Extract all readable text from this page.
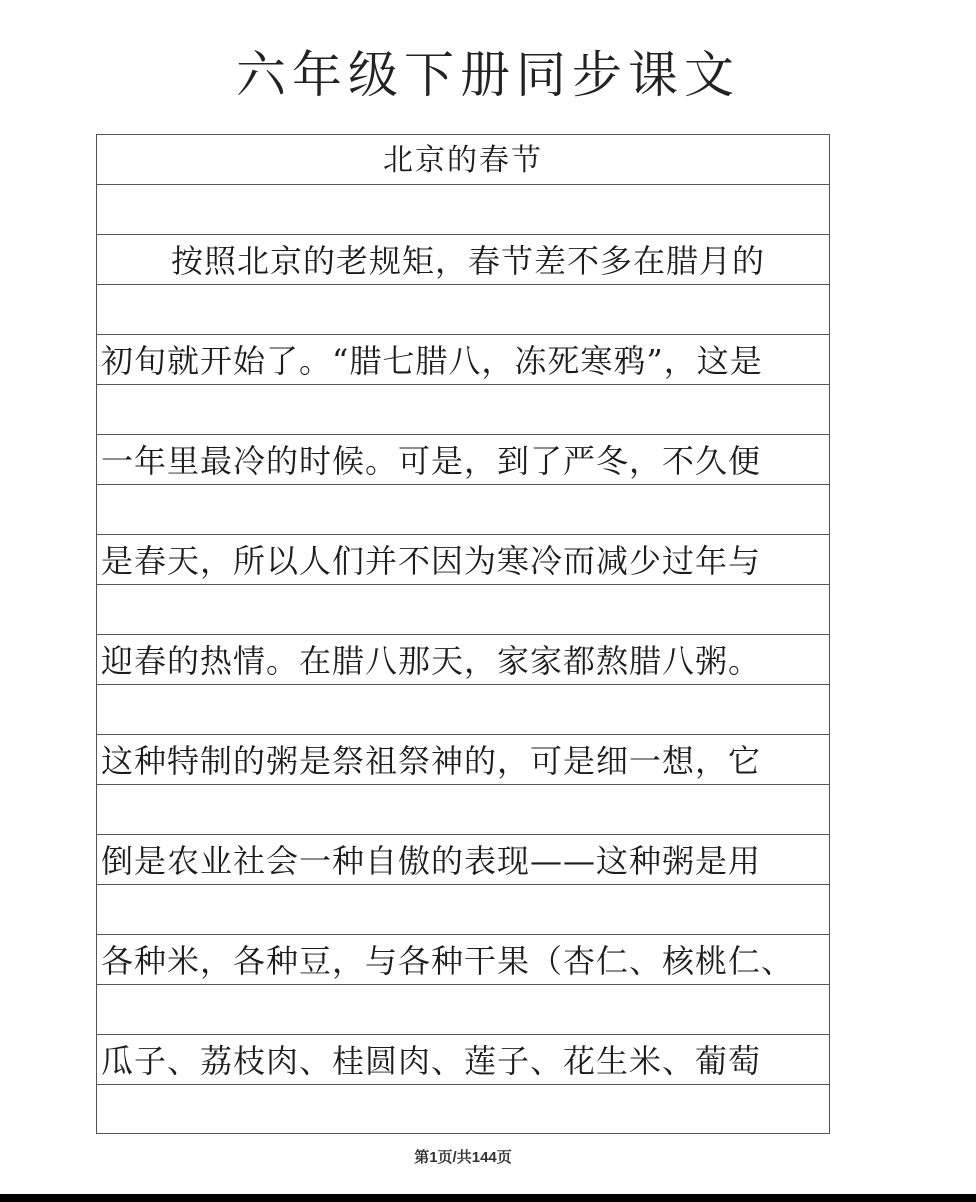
六年级下册同步课文
北京的春节
按照北京的老规矩，春节差不多在腊月的
初旬就开始了。“腊七腊八，冻死寒鸦”，这是
一年里最冷的时候。可是，到了严冬，不久便
是春天，所以人们并不因为寒冷而减少过年与
迎春的热情。在腊八那天，家家都熬腊八粥。
这种特制的粥是祭祖祭神的，可是细一想，它
倒是农业社会一种自傲的表现——这种粥是用
各种米，各种豆，与各种干果（杏仁、核桃仁、
瓜子、荔枝肉、桂圆肉、莲子、花生米、葡萄
第1页/共144页
